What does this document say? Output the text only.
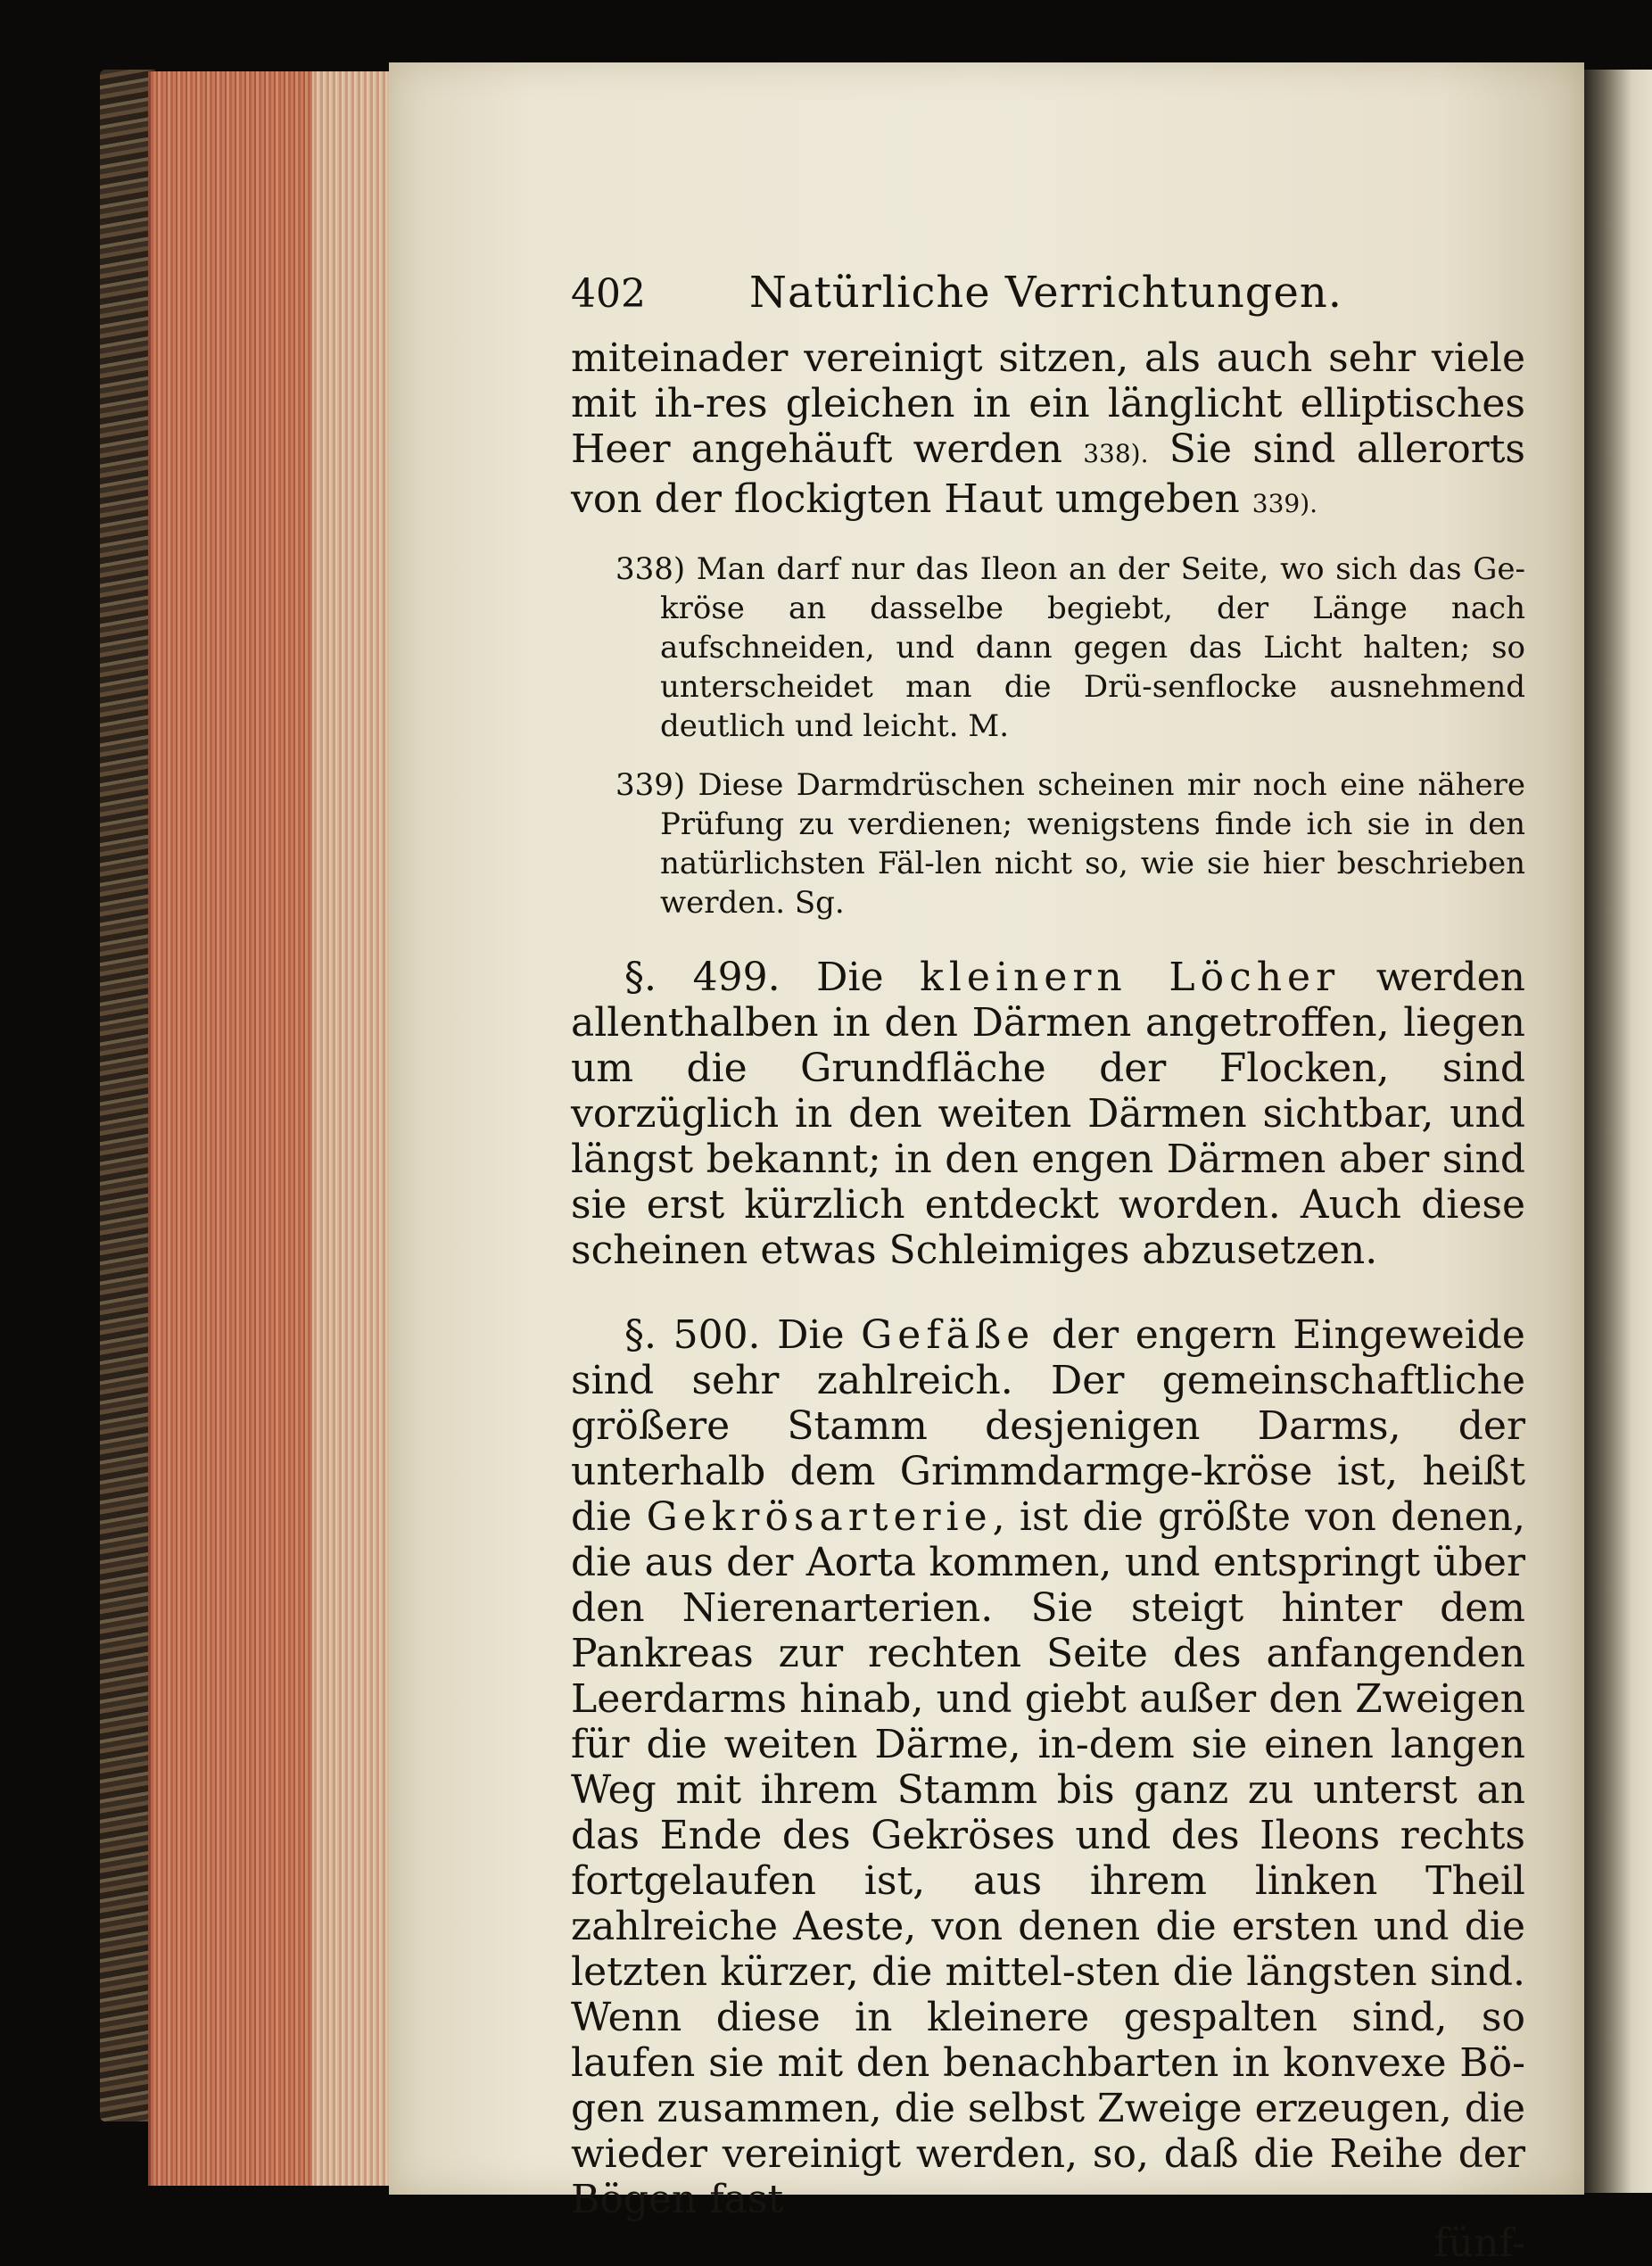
402	Natürliche Verrichtungen.

miteinader vereinigt sitzen, als auch sehr viele mit ih-res gleichen in ein länglicht elliptisches Heer angehäuft werden 338). Sie sind allerorts von der flockigten Haut umgeben 339).

338) Man darf nur das Ileon an der Seite, wo sich das Ge-kröse an dasselbe begiebt, der Länge nach aufschneiden, und dann gegen das Licht halten; so unterscheidet man die Drü-senflocke ausnehmend deutlich und leicht. M.

339) Diese Darmdrüschen scheinen mir noch eine nähere Prüfung zu verdienen; wenigstens finde ich sie in den natürlichsten Fäl-len nicht so, wie sie hier beschrieben werden. Sg.

§. 499. Die kleinern Löcher werden allenthalben in den Därmen angetroffen, liegen um die Grundfläche der Flocken, sind vorzüglich in den weiten Därmen sichtbar, und längst bekannt; in den engen Därmen aber sind sie erst kürzlich entdeckt worden. Auch diese scheinen etwas Schleimiges abzusetzen.

§. 500. Die Gefäße der engern Eingeweide sind sehr zahlreich. Der gemeinschaftliche größere Stamm desjenigen Darms, der unterhalb dem Grimmdarmge-kröse ist, heißt die Gekrösarterie, ist die größte von denen, die aus der Aorta kommen, und entspringt über den Nierenarterien. Sie steigt hinter dem Pankreas zur rechten Seite des anfangenden Leerdarms hinab, und giebt außer den Zweigen für die weiten Därme, in-dem sie einen langen Weg mit ihrem Stamm bis ganz zu unterst an das Ende des Gekröses und des Ileons rechts fortgelaufen ist, aus ihrem linken Theil zahlreiche Aeste, von denen die ersten und die letzten kürzer, die mittel-sten die längsten sind. Wenn diese in kleinere gespalten sind, so laufen sie mit den benachbarten in konvexe Bö-gen zusammen, die selbst Zweige erzeugen, die wieder vereinigt werden, so, daß die Reihe der Bögen fast

fünf-
